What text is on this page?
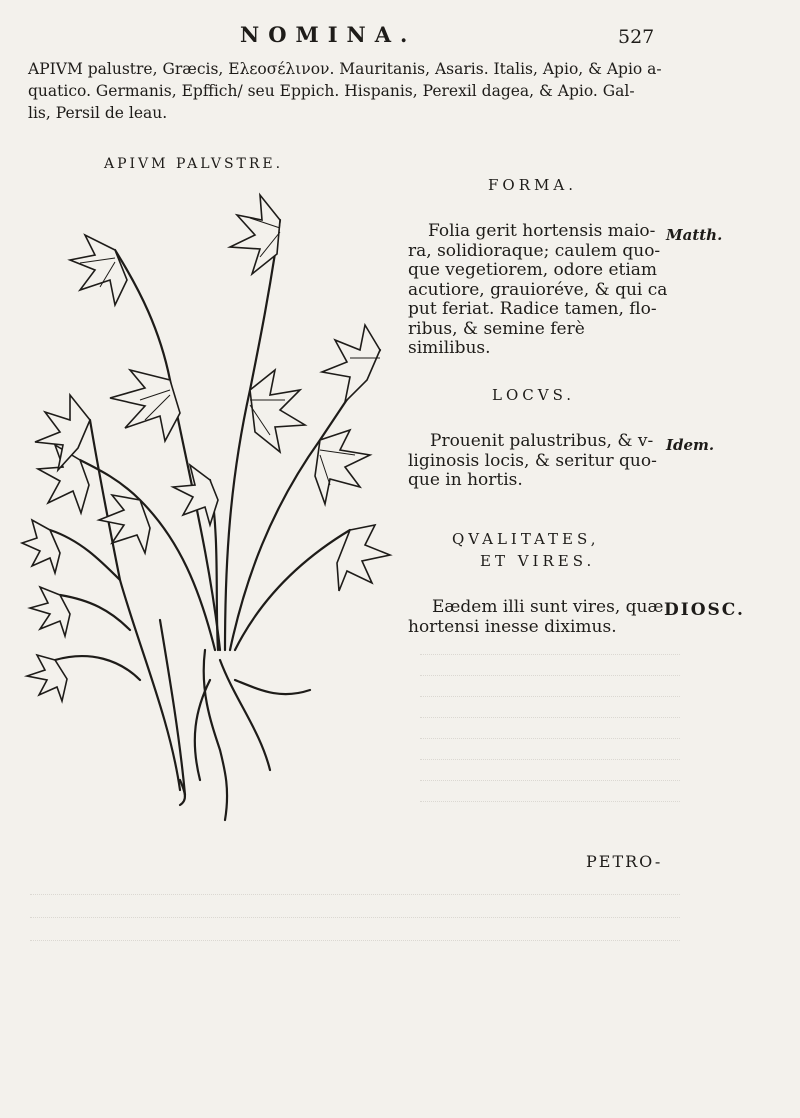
NOMINA.	527
APIVM palustre, Græcis, Ελεοσέλινον. Mauritanis, Asaris. Italis, Apio, & Apio a-
quatico. Germanis, Epffich/ seu Eppich. Hispanis, Perexil dagea, & Apio. Gal-
lis, Persil de leau.
APIVM PALVSTRE.
FORMA.
Folia gerit hortensis maio-
ra, solidioraque; caulem quo-
que vegetiorem, odore etiam
acutiore, grauioréve, & qui ca
put feriat. Radice tamen, flo-
ribus, & semine ferè similibus.
Matth.
LOCVS.
Prouenit palustribus, & v-
liginosis locis, & seritur quo-
que in hortis.
Idem.
QVALITATES,
ET VIRES.
Eædem illi sunt vires, quæ
hortensi inesse diximus.
DIOSC.
PETRO-
